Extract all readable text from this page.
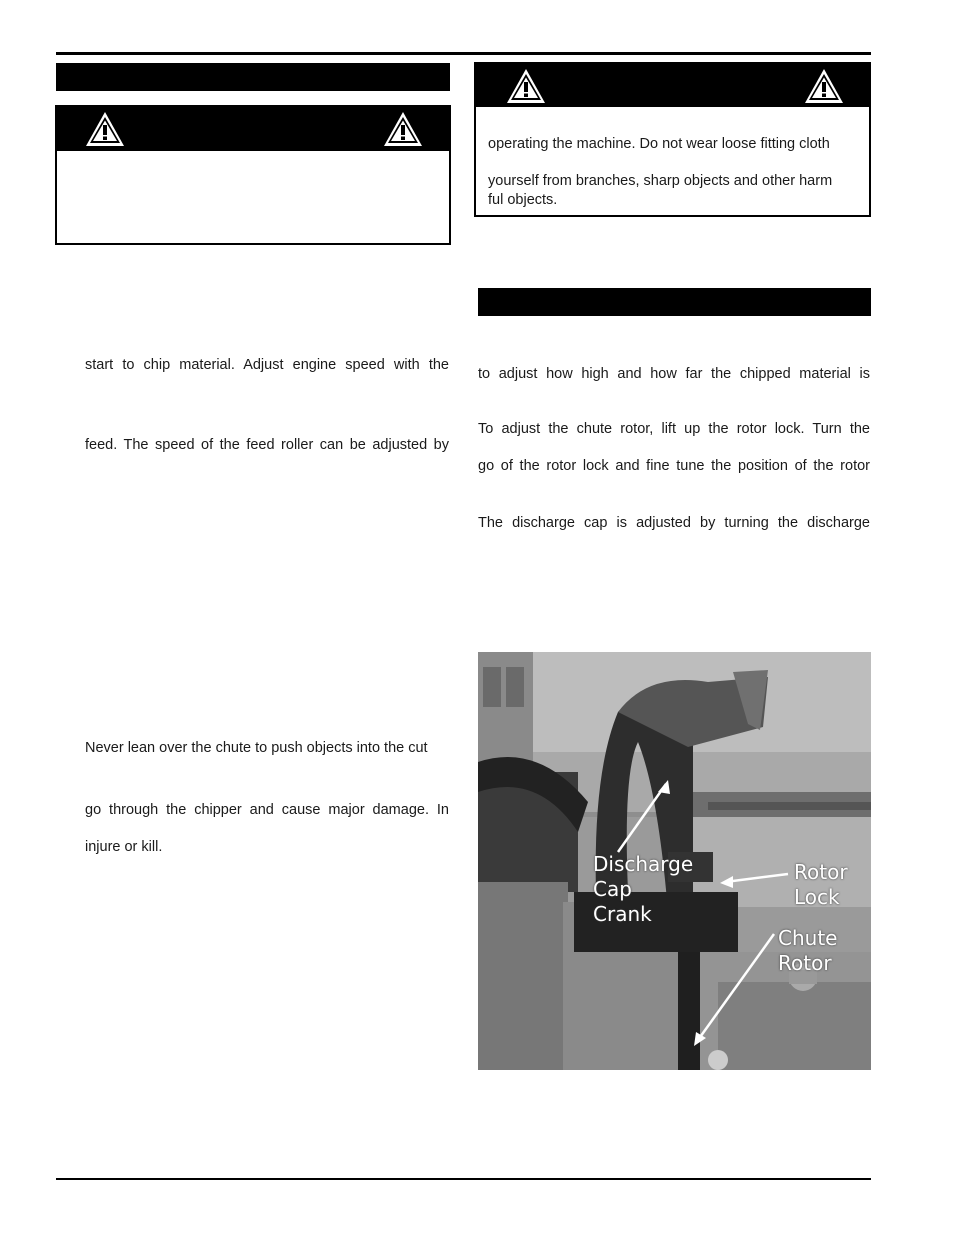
operating the machine. Do not wear loose fitting cloth
yourself from branches, sharp objects and other harm
ful objects.
start to chip material. Adjust engine speed with the
feed. The speed of the feed roller can be adjusted by
Never lean over the chute to push objects into the cut
go through the chipper and cause major damage. In
injure or kill.
to adjust how high and how far the chipped material is
To adjust the chute rotor, lift up the rotor lock. Turn the
go of the rotor lock and fine tune the position of the rotor
The discharge cap is adjusted by turning the discharge
Discharge
Cap
Crank
Rotor
Lock
Chute
Rotor
